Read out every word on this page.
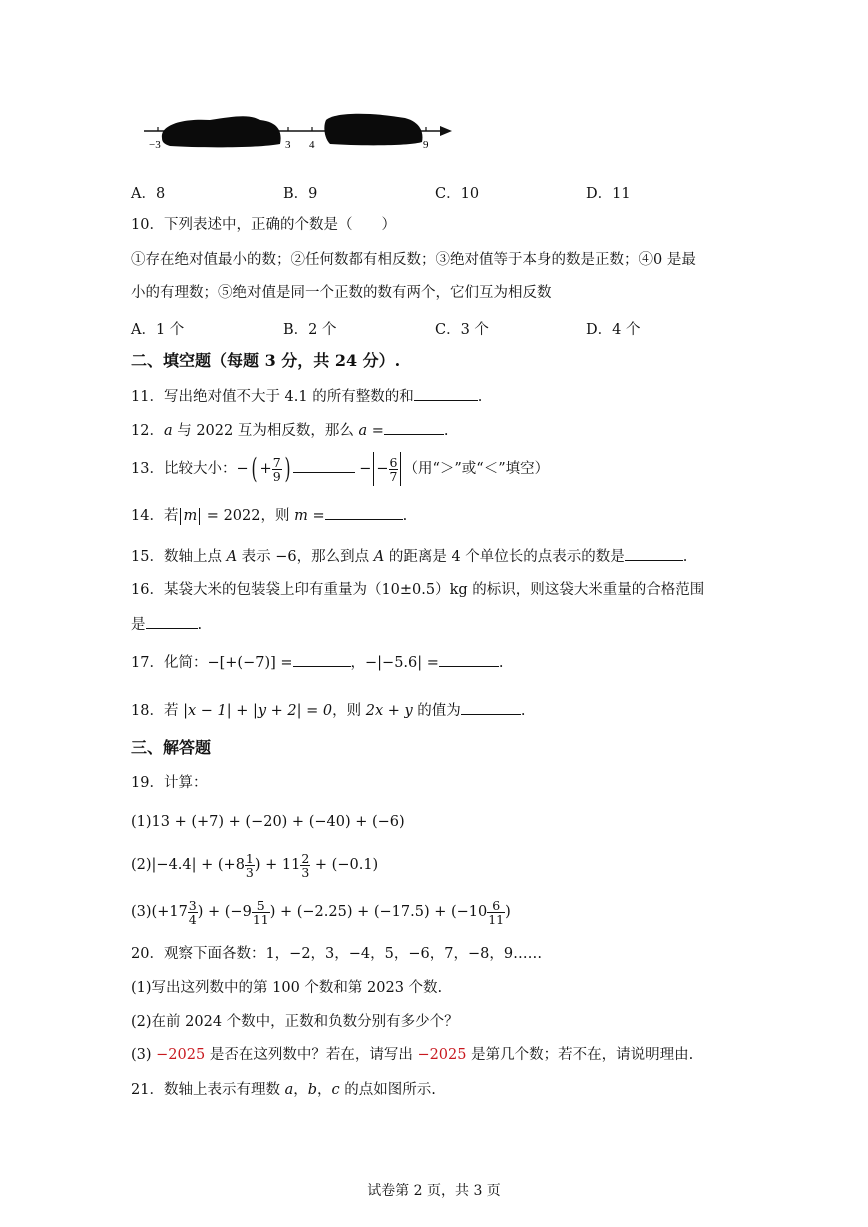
−3	3 4	9
A．8	B．9	C．10	D．11
10．下列表述中，正确的个数是（　　）
①存在绝对值最小的数；②任何数都有相反数；③绝对值等于本身的数是正数；④0 是最
小的有理数；⑤绝对值是同一个正数的数有两个，它们互为相反数
A．1 个	B．2 个	C．3 个	D．4 个
二、填空题（每题 3 分，共 24 分）.
11．写出绝对值不大于 4.1 的所有整数的和	.
12．a 与 2022 互为相反数，那么 a =	.
13．比较大小：−( + $\frac{7}{9}$ )	− − $\frac{6}{7}$ （用“＞”或“＜”填空）
14．若 m = 2022，则 m =	.
15．数轴上点 A 表示 −6，那么到点 A 的距离是 4 个单位长的点表示的数是	.
16．某袋大米的包装袋上印有重量为（10±0.5）kg 的标识，则这袋大米重量的合格范围
是	.
17．化简：−[+(−7)] =	，−|−5.6| =	.
18．若 |x − 1| + |y + 2| = 0，则 2x + y 的值为	.
三、解答题
19．计算：
(1)13 + (+7) + (−20) + (−40) + (−6)
$(2)|-4.4| + (+8 \frac{1}{3}$ ) + $11 \frac{2}{3} + (-0.1)$
$(3)(+17 \frac{3}{4}$ ) + ($-9 \frac{5}{11}$ ) + $(-2.25) + (-17.5) + (-10 \frac{6}{11}$ )
20．观察下面各数：1，−2，3，−4，5，−6，7，−8，9……
(1)写出这列数中的第 100 个数和第 2023 个数.
(2)在前 2024 个数中，正数和负数分别有多少个？
(3) −2025 是否在这列数中？若在，请写出 −2025 是第几个数；若不在，请说明理由.
21．数轴上表示有理数 a，b，c 的点如图所示.
试卷第 2 页，共 3 页
